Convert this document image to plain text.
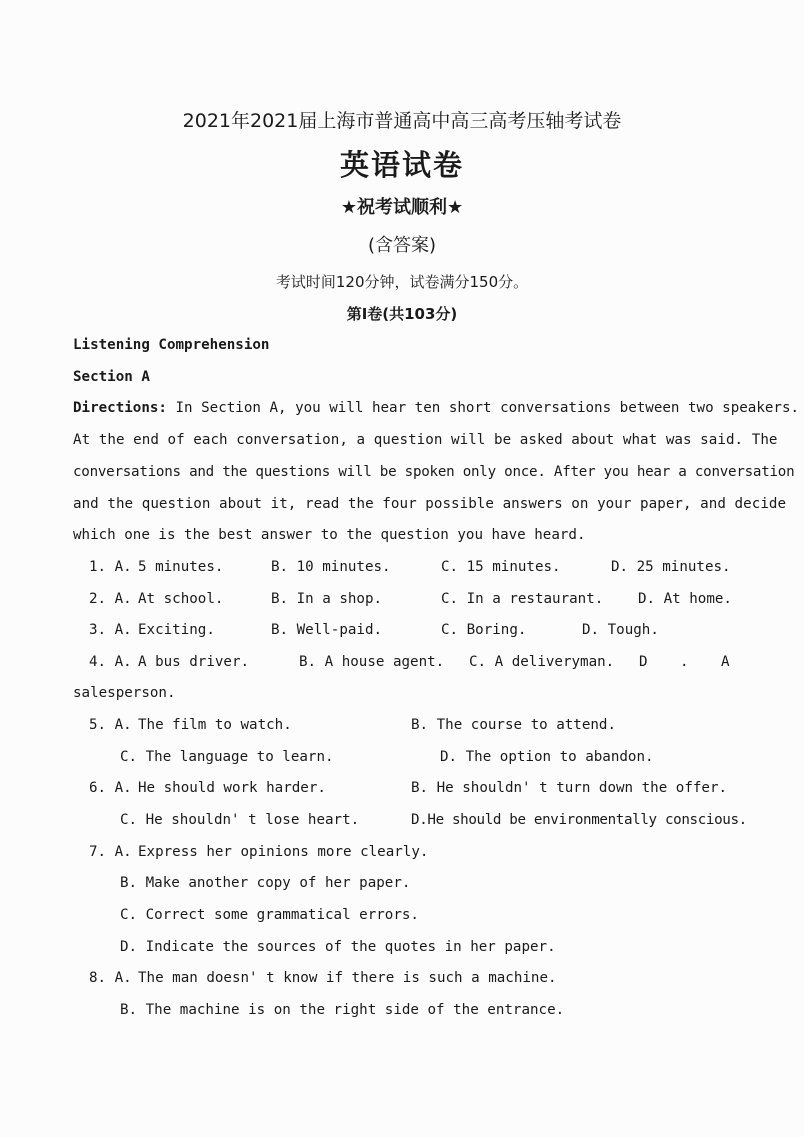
2021年2021届上海市普通高中高三高考压轴考试卷
英语试卷
★祝考试顺利★
(含答案)
考试时间120分钟，试卷满分150分。
第Ⅰ卷(共103分)
Listening Comprehension
Section A
Directions: In Section A, you will hear ten short conversations between two speakers.
At the end of each conversation, a question will be asked about what was said. The
conversations and the questions will be spoken only once. After you hear a conversation
and the question about it, read the four possible answers on your paper, and decide
which one is the best answer to the question you have heard.
1. A. 5 minutes.	B. 10 minutes.	C. 15 minutes.	D. 25 minutes.
2. A. At school.	B. In a shop.	C. In a restaurant. D. At home.
3. A. Exciting.	B. Well-paid.	C. Boring.	D. Tough.
4. A. A bus driver.	B. A house agent. C. A deliveryman. D . A
salesperson.
5. A. The film to watch.	B. The course to attend.
C. The language to learn.	D. The option to abandon.
6. A. He should work harder.	B. He shouldn' t turn down the offer.
C. He shouldn' t lose heart.	D.He should be environmentally conscious.
7. A. Express her opinions more clearly.
B. Make another copy of her paper.
C. Correct some grammatical errors.
D. Indicate the sources of the quotes in her paper.
8. A. The man doesn' t know if there is such a machine.
B. The machine is on the right side of the entrance.
